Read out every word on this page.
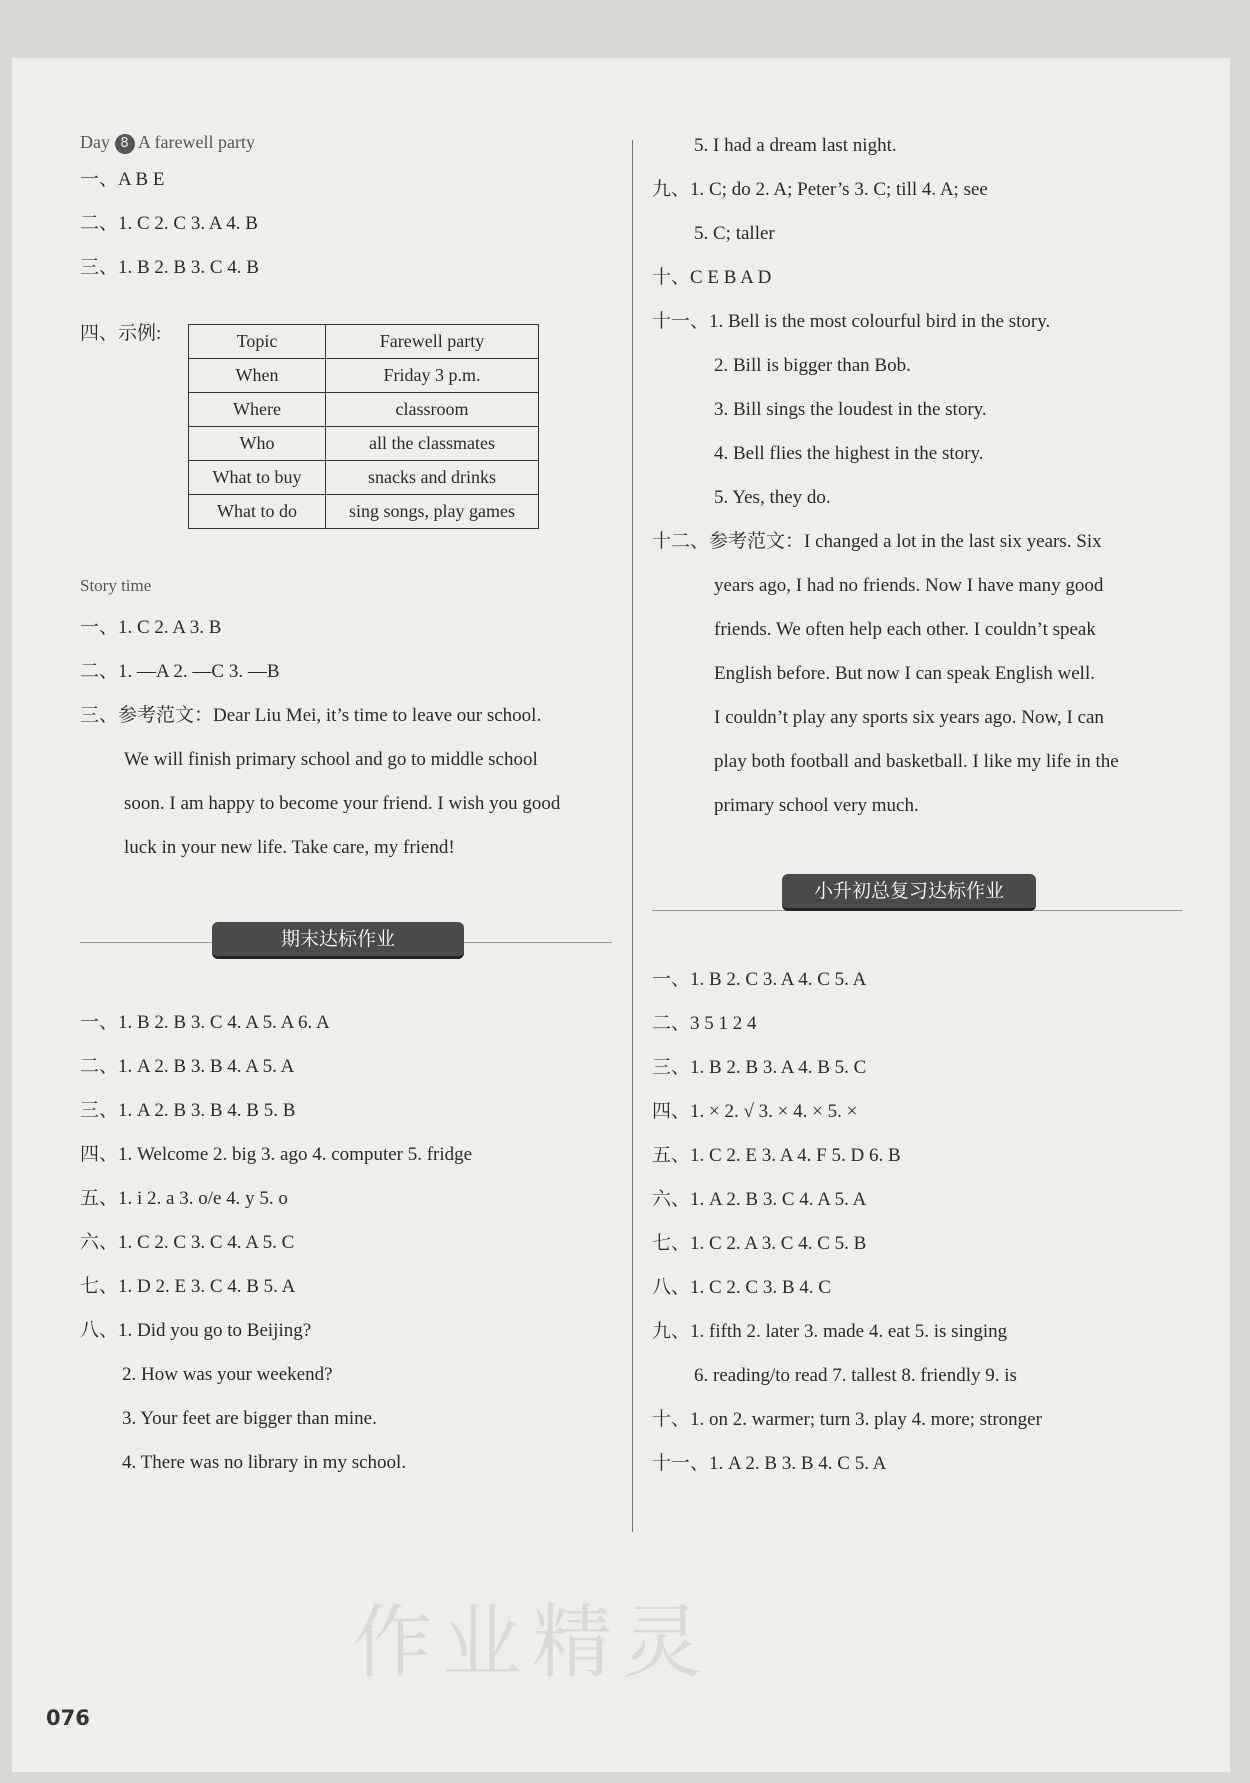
Day 8 A farewell party
一、A B E
二、1. C 2. C 3. A 4. B
三、1. B 2. B 3. C 4. B
四、示例:	Topic	Farewell party
When	Friday 3 p.m.
Where	classroom
Who	all the classmates
What to buy	snacks and drinks
What to do	sing songs, play games
Story time
一、1. C 2. A 3. B
二、1. —A 2. —C 3. —B
三、参考范文：Dear Liu Mei, it’s time to leave our school.
We will finish primary school and go to middle school
soon. I am happy to become your friend. I wish you good
luck in your new life. Take care, my friend!
期末达标作业
一、1. B 2. B 3. C 4. A 5. A 6. A
二、1. A 2. B 3. B 4. A 5. A
三、1. A 2. B 3. B 4. B 5. B
四、1. Welcome 2. big 3. ago 4. computer 5. fridge
五、1. i 2. a 3. o/e 4. y 5. o
六、1. C 2. C 3. C 4. A 5. C
七、1. D 2. E 3. C 4. B 5. A
八、1. Did you go to Beijing?
2. How was your weekend?
3. Your feet are bigger than mine.
4. There was no library in my school.
5. I had a dream last night.
九、1. C; do 2. A; Peter’s 3. C; till 4. A; see
5. C; taller
十、C E B A D
十一、1. Bell is the most colourful bird in the story.
2. Bill is bigger than Bob.
3. Bill sings the loudest in the story.
4. Bell flies the highest in the story.
5. Yes, they do.
十二、参考范文：I changed a lot in the last six years. Six
years ago, I had no friends. Now I have many good
friends. We often help each other. I couldn’t speak
English before. But now I can speak English well.
I couldn’t play any sports six years ago. Now, I can
play both football and basketball. I like my life in the
primary school very much.
小升初总复习达标作业
一、1. B 2. C 3. A 4. C 5. A
二、3 5 1 2 4
三、1. B 2. B 3. A 4. B 5. C
四、1. × 2. √ 3. × 4. × 5. ×
五、1. C 2. E 3. A 4. F 5. D 6. B
六、1. A 2. B 3. C 4. A 5. A
七、1. C 2. A 3. C 4. C 5. B
八、1. C 2. C 3. B 4. C
九、1. fifth 2. later 3. made 4. eat 5. is singing
6. reading/to read 7. tallest 8. friendly 9. is
十、1. on 2. warmer; turn 3. play 4. more; stronger
十一、1. A 2. B 3. B 4. C 5. A
作业精灵
076
